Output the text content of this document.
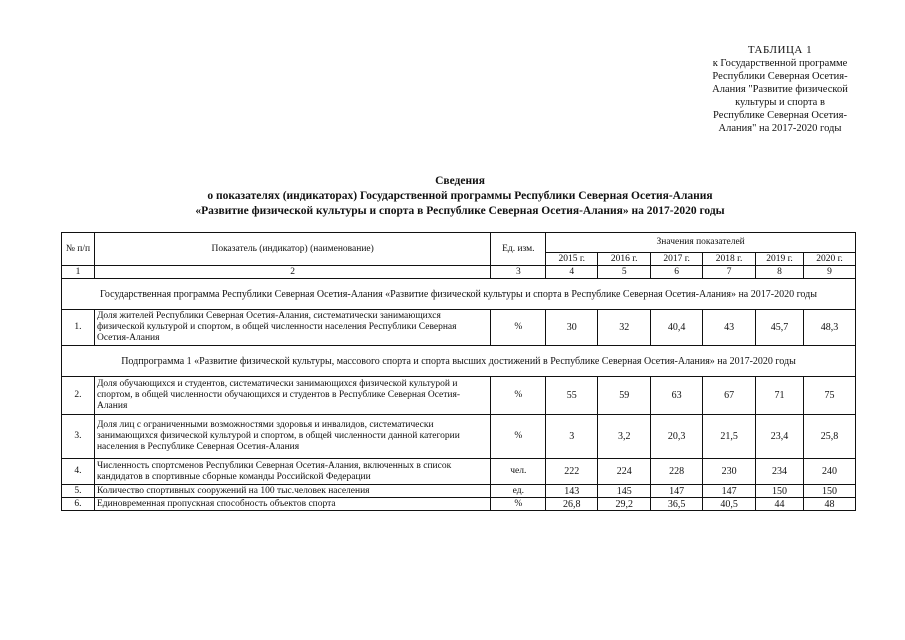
ТАБЛИЦА 1
к Государственной программе
Республики Северная Осетия-
Алания "Развитие физической
культуры и спорта в
Республике Северная Осетия-
Алания" на 2017-2020 годы
Сведения
о показателях (индикаторах) Государственной программы Республики Северная Осетия-Алания
«Развитие физической культуры и спорта в Республике Северная Осетия-Алания» на 2017-2020 годы
№ п/п	Показатель (индикатор) (наименование)	Ед. изм.	Значения показателей					
			2015 г.	2016 г.	2017 г.	2018 г.	2019 г.	2020 г.
1	2	3	4	5	6	7	8	9
Государственная программа Республики Северная Осетия-Алания «Развитие физической культуры и спорта в Республике Северная Осетия-Алания» на 2017-2020 годы								
1.	Доля жителей Республики Северная Осетия-Алания, систематически занимающихся физической культурой и спортом, в общей численности населения Республики Северная Осетия-Алания	%	30	32	40,4	43	45,7	48,3
Подпрограмма 1 «Развитие физической культуры, массового спорта и спорта высших достижений в Республике Северная Осетия-Алания» на 2017-2020 годы								
2.	Доля обучающихся и студентов, систематически занимающихся физической культурой и спортом, в общей численности обучающихся и студентов в Республике Северная Осетия-Алания	%	55	59	63	67	71	75
3.	Доля лиц с ограниченными возможностями здоровья и инвалидов, систематически занимающихся физической культурой и спортом, в общей численности данной категории населения в Республике Северная Осетия-Алания	%	3	3,2	20,3	21,5	23,4	25,8
4.	Численность спортсменов Республики Северная Осетия-Алания, включенных в список кандидатов в спортивные сборные команды Российской Федерации	чел.	222	224	228	230	234	240
5.	Количество спортивных сооружений на 100 тыс.человек населения	ед.	143	145	147	147	150	150
6.	Единовременная пропускная способность объектов спорта	%	26,8	29,2	36,5	40,5	44	48
